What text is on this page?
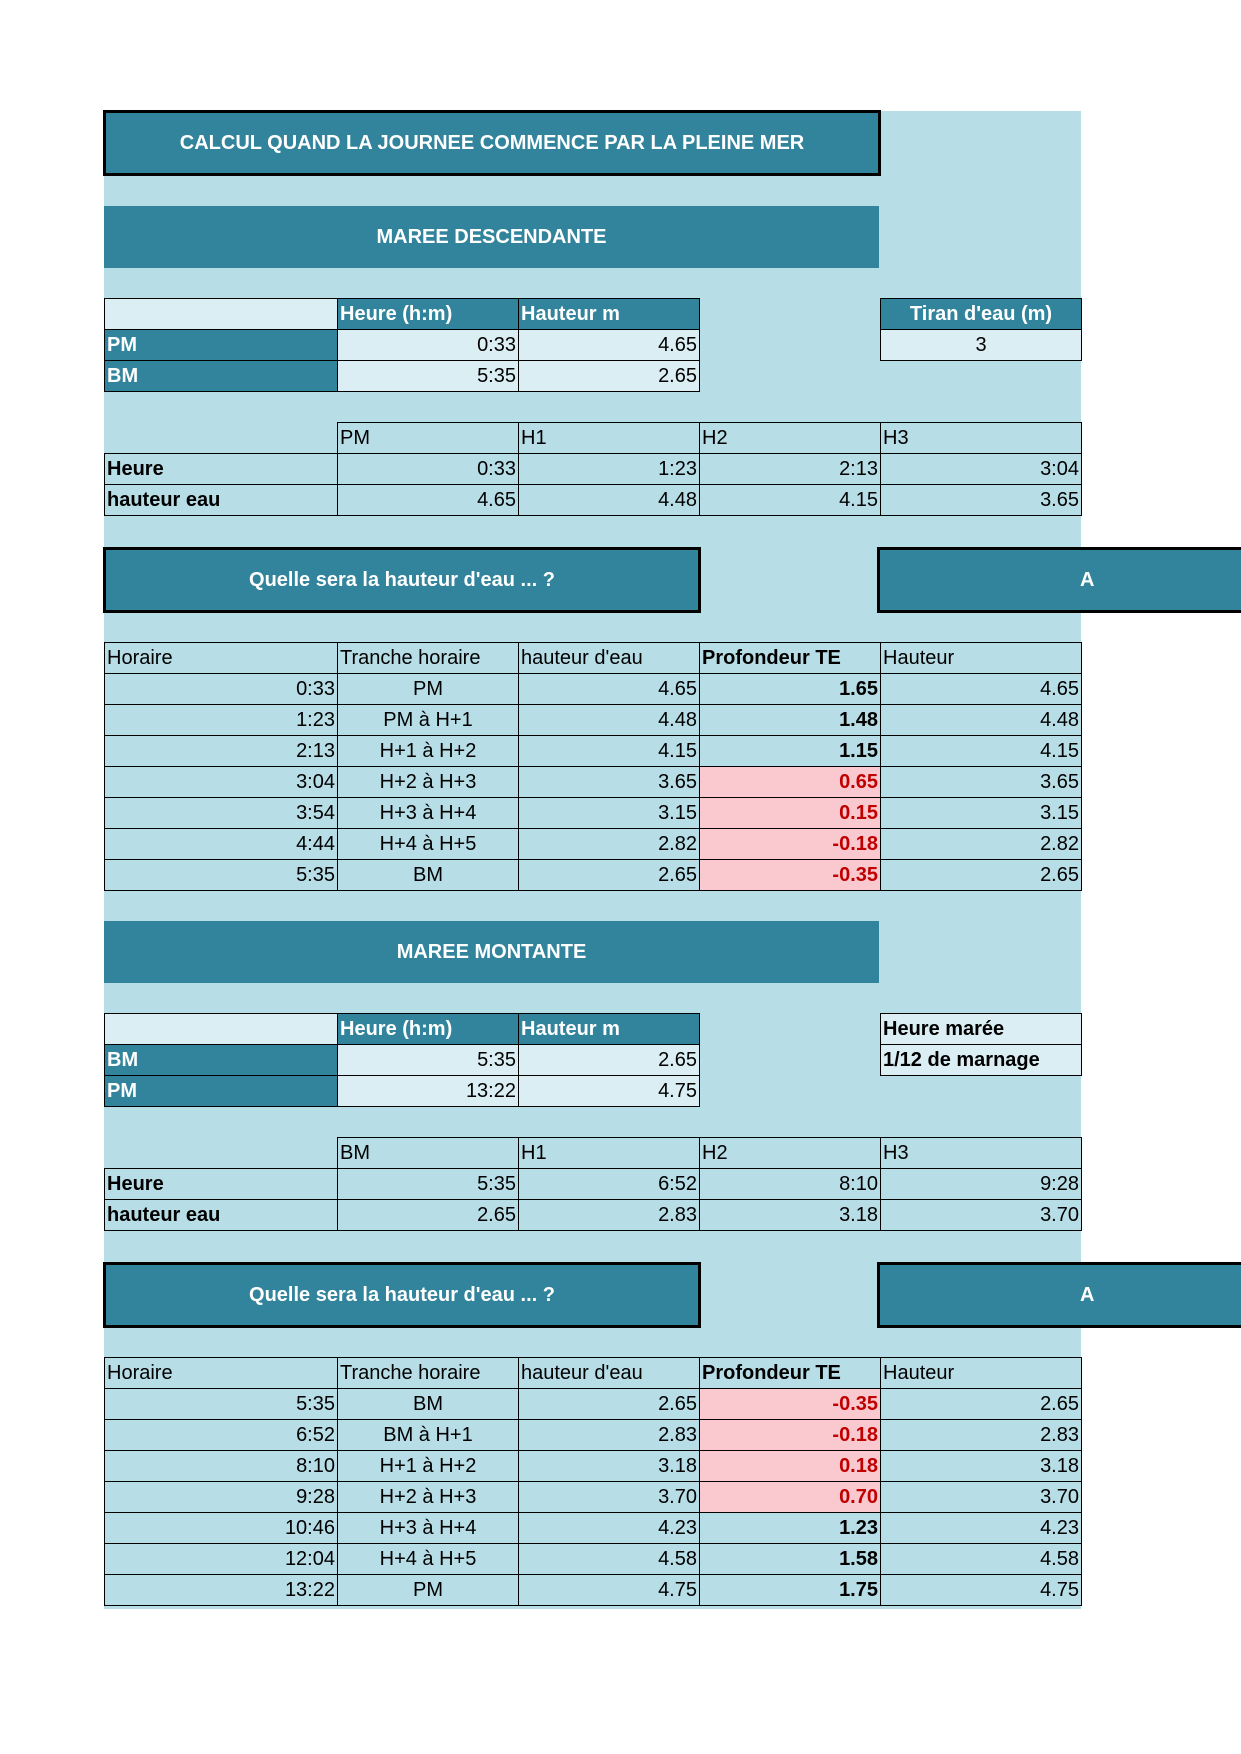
CALCUL QUAND LA JOURNEE COMMENCE PAR LA PLEINE MER
MAREE DESCENDANTE
	Heure (h:m)	Hauteur m		Tiran d'eau (m)
PM	0:33	4.65		3
BM	5:35	2.65		
	PM	H1	H2	H3
Heure	0:33	1:23	2:13	3:04
hauteur eau	4.65	4.48	4.15	3.65
Quelle sera la hauteur d'eau ... ?	A
Horaire	Tranche horaire	hauteur d'eau	Profondeur TE	Hauteur
0:33	PM	4.65	1.65	4.65
1:23	PM à H+1	4.48	1.48	4.48
2:13	H+1 à H+2	4.15	1.15	4.15
3:04	H+2 à H+3	3.65	0.65	3.65
3:54	H+3 à H+4	3.15	0.15	3.15
4:44	H+4 à H+5	2.82	-0.18	2.82
5:35	BM	2.65	-0.35	2.65
MAREE MONTANTE
	Heure (h:m)	Hauteur m		Heure marée
BM	5:35	2.65		1/12 de marnage
PM	13:22	4.75		
	BM	H1	H2	H3
Heure	5:35	6:52	8:10	9:28
hauteur eau	2.65	2.83	3.18	3.70
Quelle sera la hauteur d'eau ... ?	A
Horaire	Tranche horaire	hauteur d'eau	Profondeur TE	Hauteur
5:35	BM	2.65	-0.35	2.65
6:52	BM à H+1	2.83	-0.18	2.83
8:10	H+1 à H+2	3.18	0.18	3.18
9:28	H+2 à H+3	3.70	0.70	3.70
10:46	H+3 à H+4	4.23	1.23	4.23
12:04	H+4 à H+5	4.58	1.58	4.58
13:22	PM	4.75	1.75	4.75
